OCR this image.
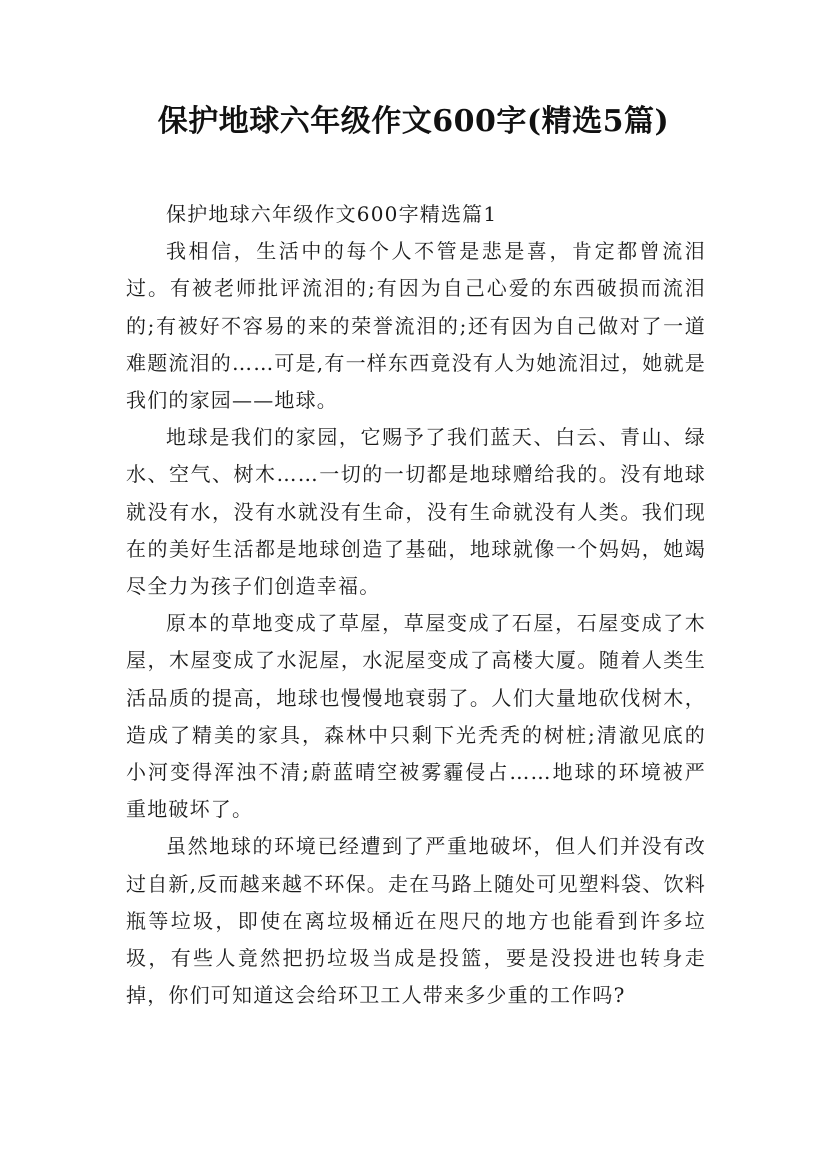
保护地球六年级作文600字(精选5篇)
保护地球六年级作文600字精选篇1

我相信，生活中的每个人不管是悲是喜，肯定都曾流泪过。有被老师批评流泪的;有因为自己心爱的东西破损而流泪的;有被好不容易的来的荣誉流泪的;还有因为自己做对了一道难题流泪的……可是,有一样东西竟没有人为她流泪过，她就是我们的家园——地球。

地球是我们的家园，它赐予了我们蓝天、白云、青山、绿水、空气、树木……一切的一切都是地球赠给我的。没有地球就没有水，没有水就没有生命，没有生命就没有人类。我们现在的美好生活都是地球创造了基础，地球就像一个妈妈，她竭尽全力为孩子们创造幸福。

原本的草地变成了草屋，草屋变成了石屋，石屋变成了木屋，木屋变成了水泥屋，水泥屋变成了高楼大厦。随着人类生活品质的提高，地球也慢慢地衰弱了。人们大量地砍伐树木，造成了精美的家具，森林中只剩下光秃秃的树桩;清澈见底的小河变得浑浊不清;蔚蓝晴空被雾霾侵占……地球的环境被严重地破坏了。

虽然地球的环境已经遭到了严重地破坏，但人们并没有改过自新,反而越来越不环保。走在马路上随处可见塑料袋、饮料瓶等垃圾，即使在离垃圾桶近在咫尺的地方也能看到许多垃圾，有些人竟然把扔垃圾当成是投篮，要是没投进也转身走掉，你们可知道这会给环卫工人带来多少重的工作吗?
